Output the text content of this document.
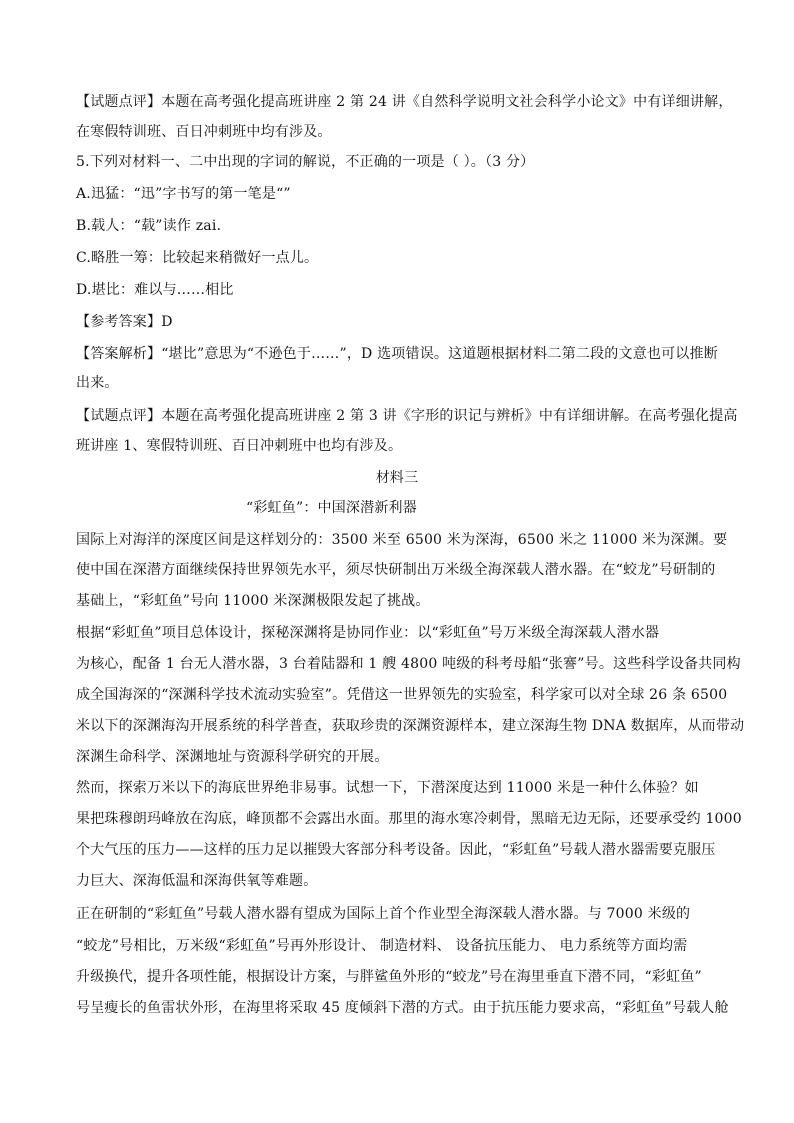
【试题点评】本题在高考强化提高班讲座 2 第 24 讲《自然科学说明文社会科学小论文》中有详细讲解，
在寒假特训班、百日冲刺班中均有涉及。
5.下列对材料一、二中出现的字词的解说，不正确的一项是（ ）。（3 分）
A.迅猛：“迅”字书写的第一笔是“”
B.载人：“载”读作 zai.
C.略胜一筹：比较起来稍微好一点儿。
D.堪比：难以与……相比
【参考答案】D
【答案解析】“堪比”意思为“不逊色于……”，D 选项错误。这道题根据材料二第二段的文意也可以推断
出来。
【试题点评】本题在高考强化提高班讲座 2 第 3 讲《字形的识记与辨析》中有详细讲解。在高考强化提高
班讲座 1、寒假特训班、百日冲刺班中也均有涉及。
材料三
“彩虹鱼”：中国深潜新利器
国际上对海洋的深度区间是这样划分的：3500 米至 6500 米为深海，6500 米之 11000 米为深渊。要
使中国在深潜方面继续保持世界领先水平，须尽快研制出万米级全海深载人潜水器。在“蛟龙”号研制的
基础上，“彩虹鱼”号向 11000 米深渊极限发起了挑战。
根据“彩虹鱼”项目总体设计，探秘深渊将是协同作业：以“彩虹鱼”号万米级全海深载人潜水器
为核心，配备 1 台无人潜水器，3 台着陆器和 1 艘 4800 吨级的科考母船“张謇”号。这些科学设备共同构
成全国海深的“深渊科学技术流动实验室”。凭借这一世界领先的实验室，科学家可以对全球 26 条 6500
米以下的深渊海沟开展系统的科学普查，获取珍贵的深渊资源样本，建立深海生物 DNA 数据库，从而带动
深渊生命科学、深渊地址与资源科学研究的开展。
然而，探索万米以下的海底世界绝非易事。试想一下，下潜深度达到 11000 米是一种什么体验？如
果把珠穆朗玛峰放在沟底，峰顶都不会露出水面。那里的海水寒冷刺骨，黑暗无边无际，还要承受约 1000
个大气压的压力——这样的压力足以摧毁大客部分科考设备。因此，“彩虹鱼”号载人潜水器需要克服压
力巨大、深海低温和深海供氧等难题。
正在研制的“彩虹鱼”号载人潜水器有望成为国际上首个作业型全海深载人潜水器。与 7000 米级的
“蛟龙”号相比，万米级“彩虹鱼”号再外形设计、 制造材料、 设备抗压能力、 电力系统等方面均需
升级换代，提升各项性能，根据设计方案，与胖鲨鱼外形的“蛟龙”号在海里垂直下潜不同，“彩虹鱼”
号呈瘦长的鱼雷状外形，在海里将采取 45 度倾斜下潜的方式。由于抗压能力要求高，“彩虹鱼”号载人舱
